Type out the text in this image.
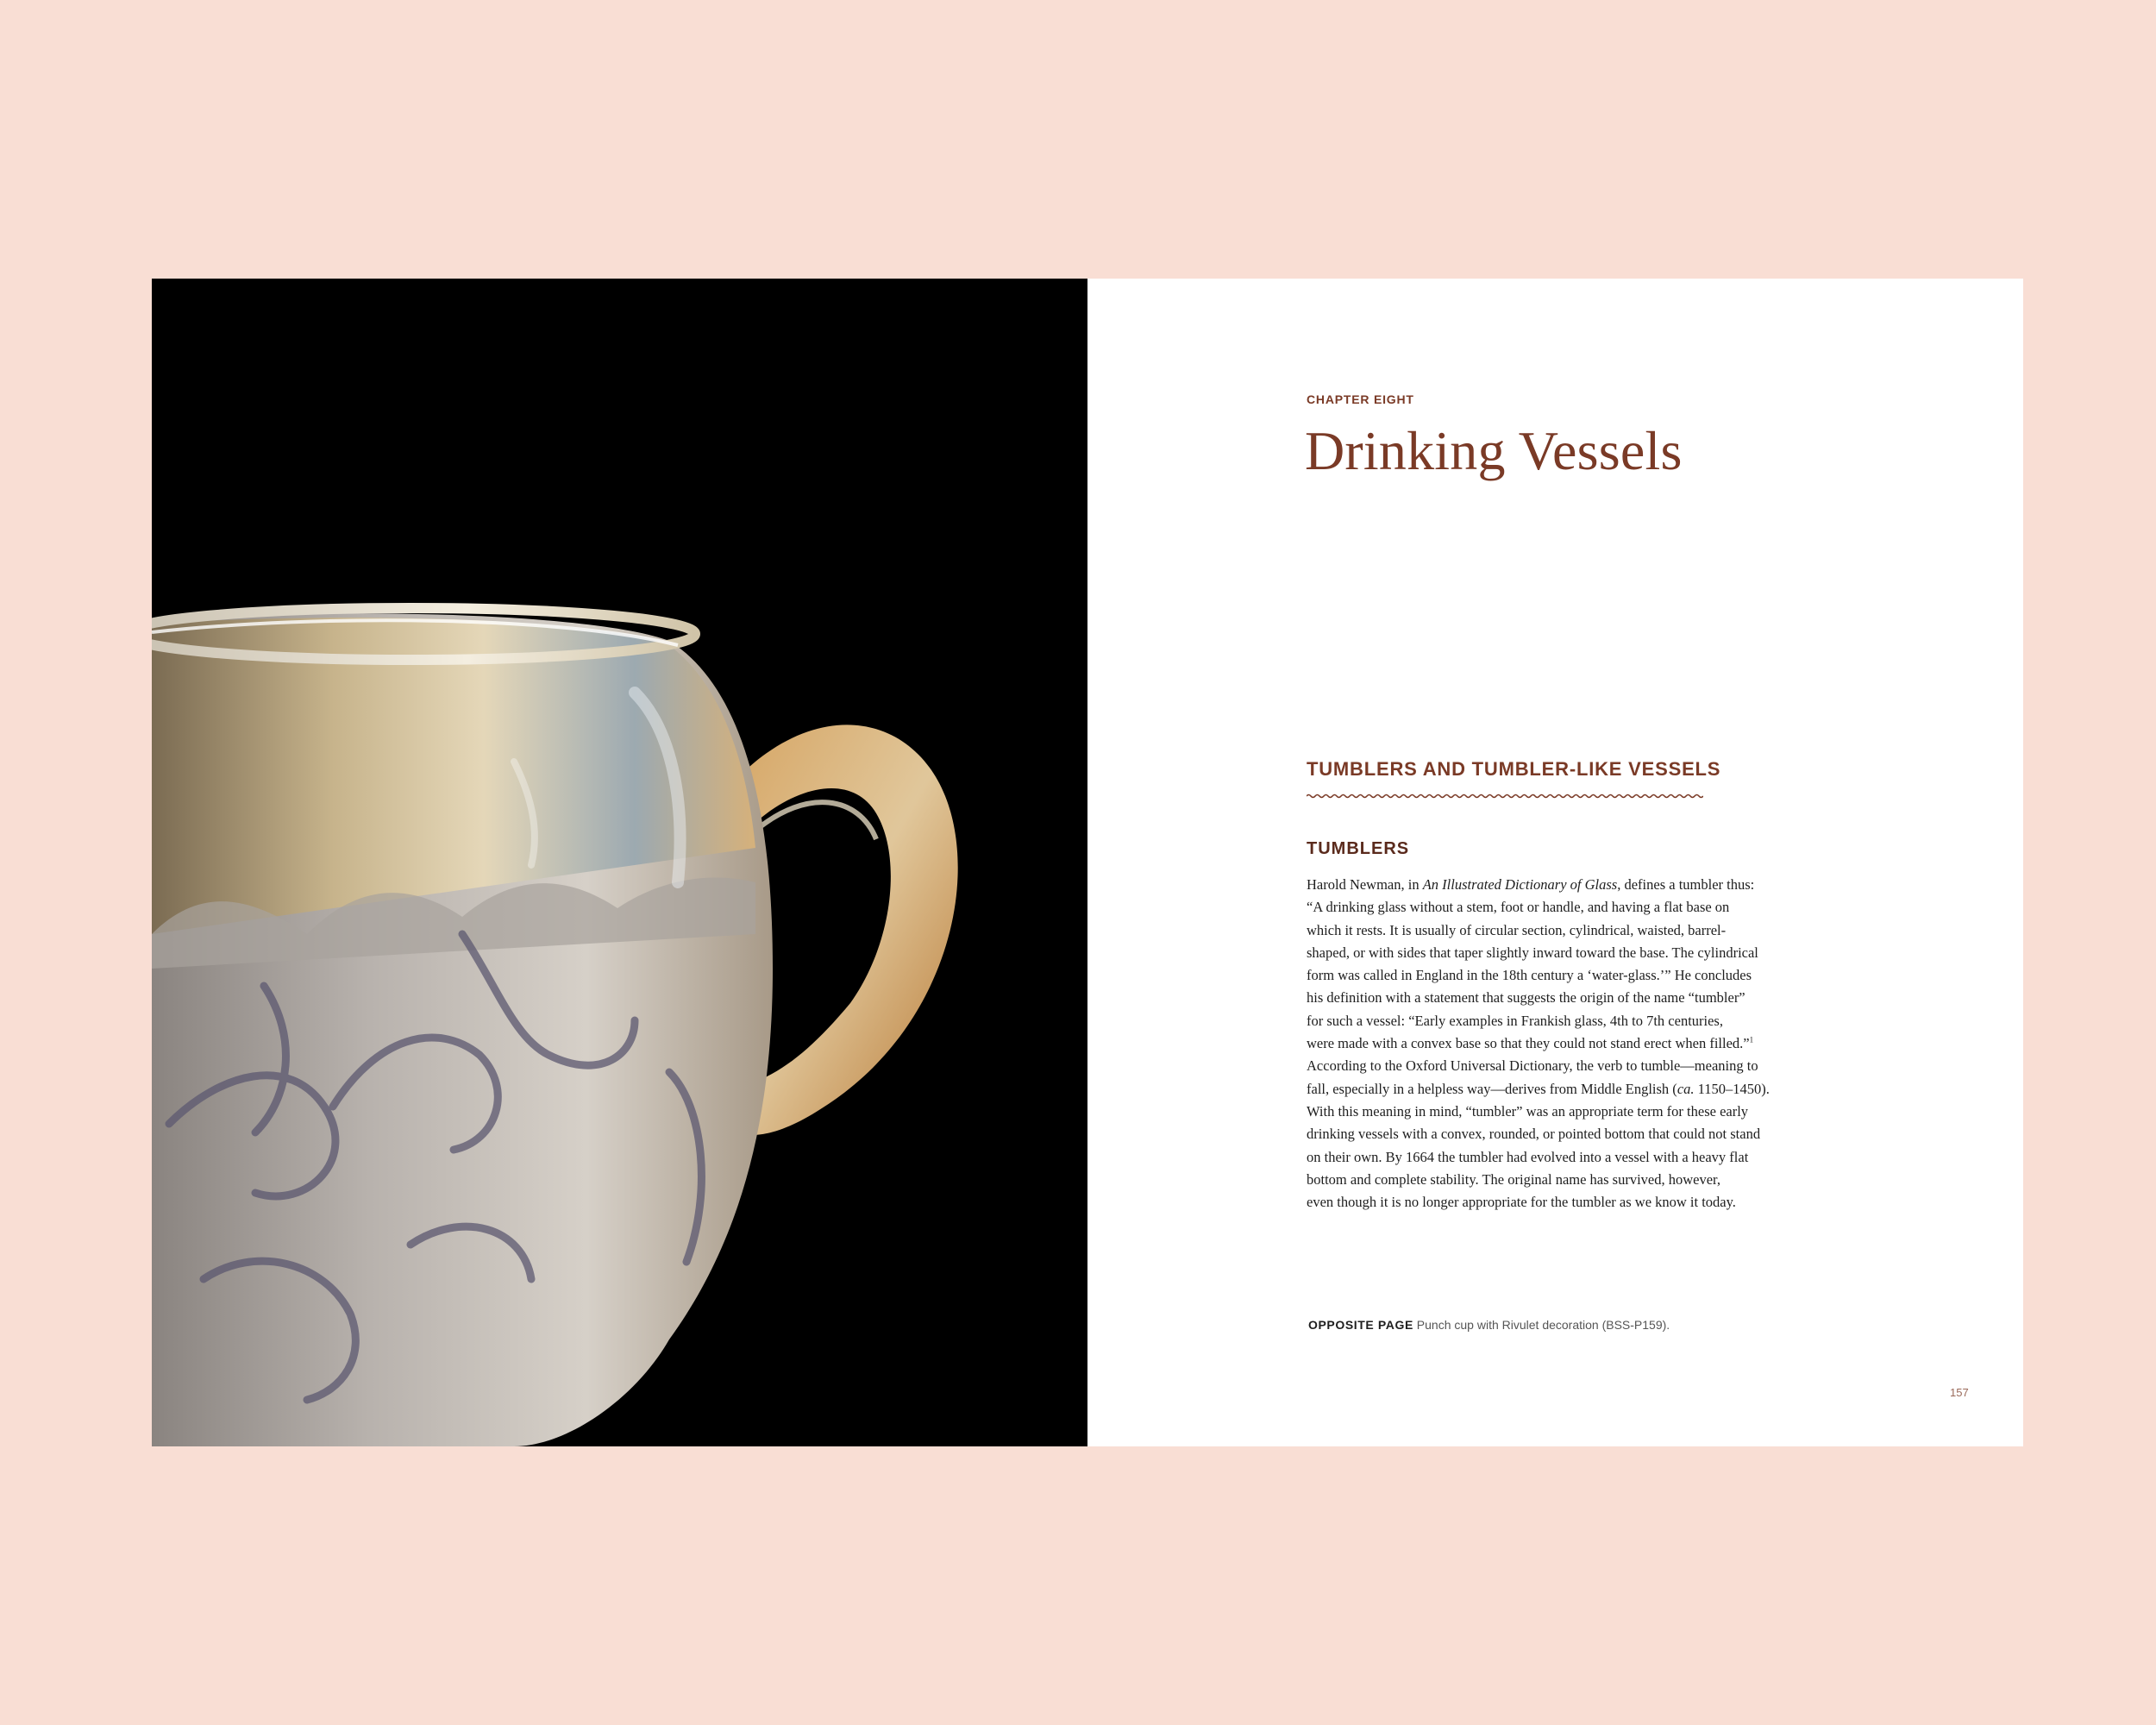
CHAPTER EIGHT

Drinking Vessels
TUMBLERS AND TUMBLER-LIKE VESSELS
TUMBLERS
Harold Newman, in An Illustrated Dictionary of Glass, defines a tumbler thus:
“A drinking glass without a stem, foot or handle, and having a flat base on
which it rests. It is usually of circular section, cylindrical, waisted, barrel-
shaped, or with sides that taper slightly inward toward the base. The cylindrical
form was called in England in the 18th century a ‘water-glass.’” He concludes
his definition with a statement that suggests the origin of the name “tumbler”
for such a vessel: “Early examples in Frankish glass, 4th to 7th centuries,
were made with a convex base so that they could not stand erect when filled.”$^1$
According to the Oxford Universal Dictionary, the verb to tumble—meaning to
fall, especially in a helpless way—derives from Middle English (ca. 1150–1450).
With this meaning in mind, “tumbler” was an appropriate term for these early
drinking vessels with a convex, rounded, or pointed bottom that could not stand
on their own. By 1664 the tumbler had evolved into a vessel with a heavy flat
bottom and complete stability. The original name has survived, however,
even though it is no longer appropriate for the tumbler as we know it today.

OPPOSITE PAGE Punch cup with Rivulet decoration (BSS-P159).

157
